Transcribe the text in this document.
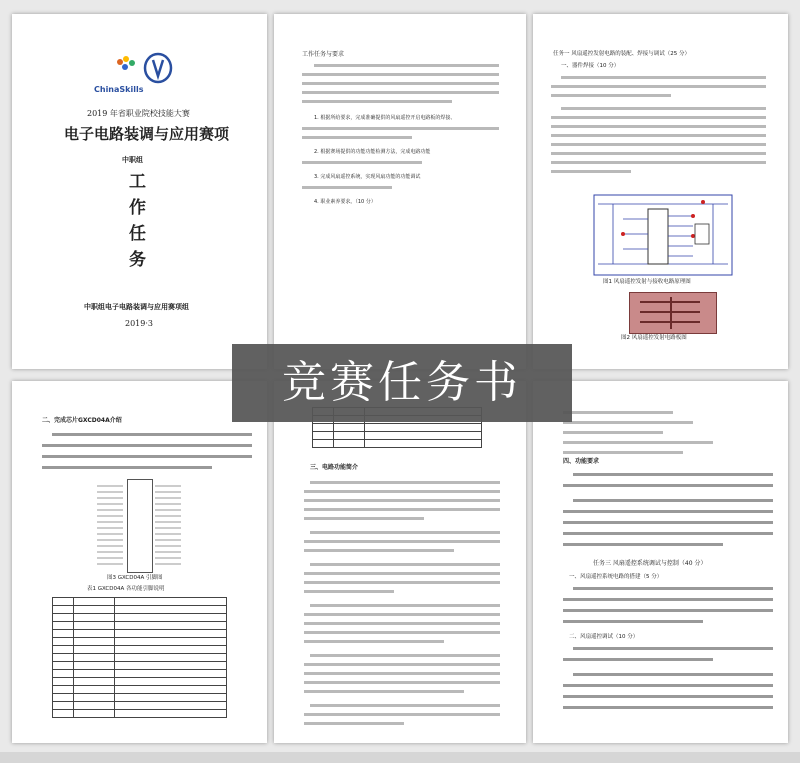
ChinaSkills
2019 年省职业院校技能大赛
电子电路装调与应用赛项
中职组
工
作
任
务
中职组电子电路装调与应用赛项组
2019·3
工作任务与要求
1. 根据所给要求，完成准确提供的风扇遥控开启电路板的焊接、
2. 根据赛场提供的功能功能检测方法，完成电路功能
3. 完成风扇遥控系统，实现风扇功能的功能调试
4. 职业素养要求。（10 分）
任务一 风扇遥控发射电路的装配、焊接与调试（25 分）
一、器件焊接（10 分）
图1 风扇遥控发射与接收电路原理图
图2 风扇遥控发射电路板图
二、完成芯片GXCD04A介绍
图3 GXCD04A 引脚图
表1 GXCD04A 各功能引脚说明

三、电路功能简介
四、功能要求
任务三 风扇遥控系统调试与控制（40 分）
一、风扇遥控系统电路的搭建（5 分）
二、风扇遥控调试（10 分）
竞赛任务书
